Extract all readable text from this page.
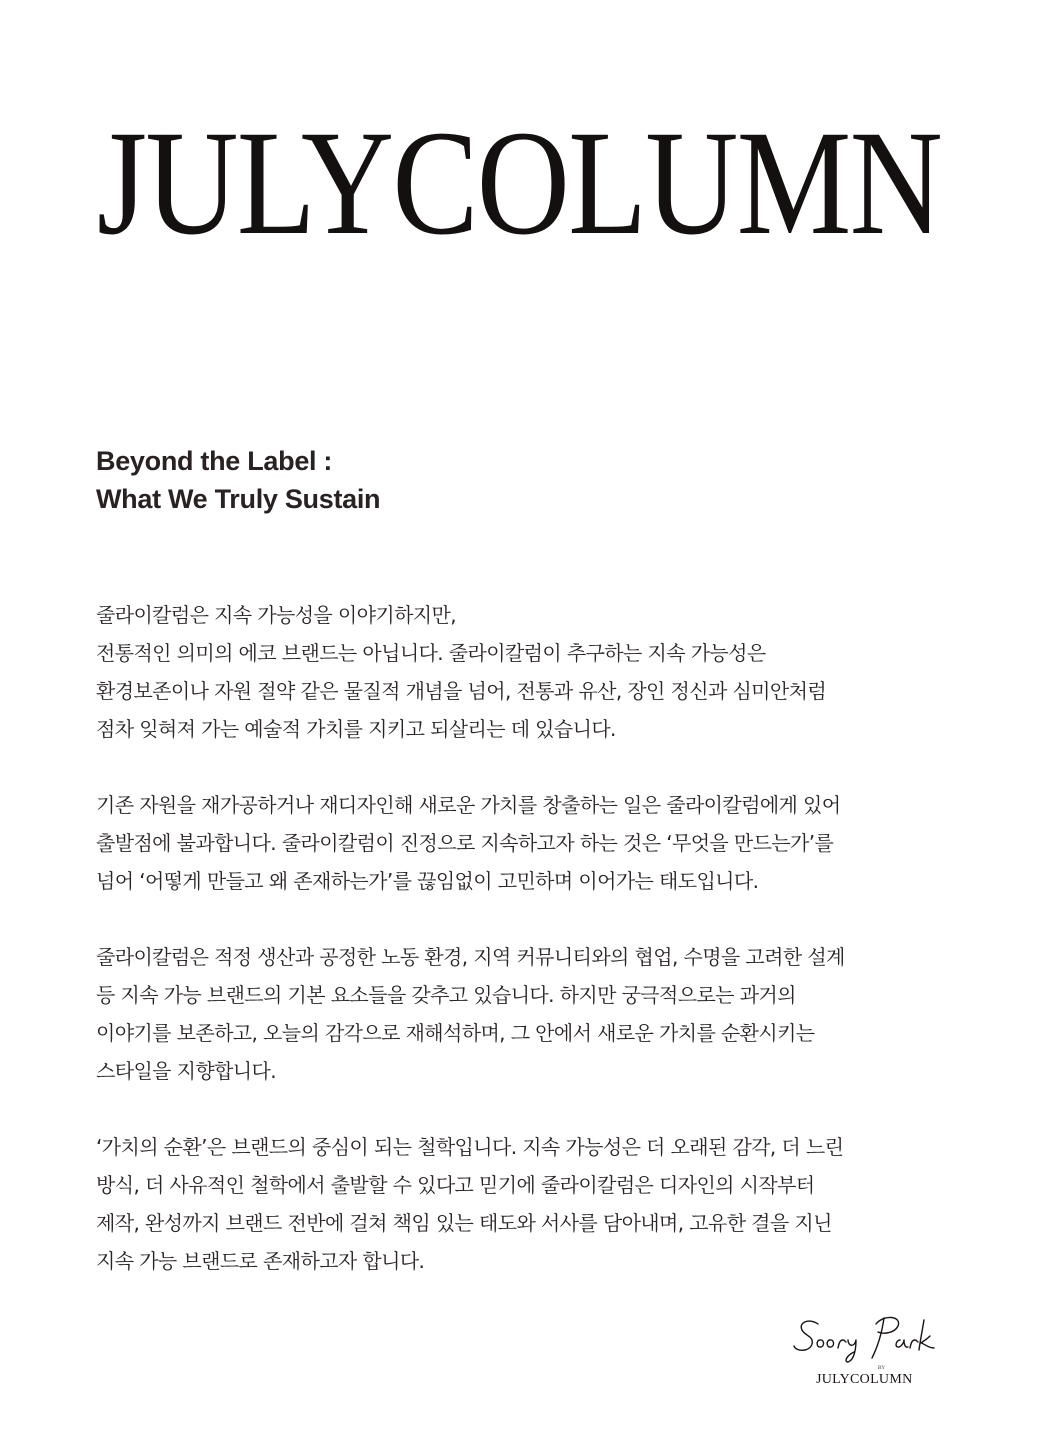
JULYCOLUMN
Beyond the Label :
What We Truly Sustain
줄라이칼럼은 지속 가능성을 이야기하지만,
전통적인 의미의 에코 브랜드는 아닙니다. 줄라이칼럼이 추구하는 지속 가능성은
환경보존이나 자원 절약 같은 물질적 개념을 넘어, 전통과 유산, 장인 정신과 심미안처럼
점차 잊혀져 가는 예술적 가치를 지키고 되살리는 데 있습니다.
기존 자원을 재가공하거나 재디자인해 새로운 가치를 창출하는 일은 줄라이칼럼에게 있어
출발점에 불과합니다. 줄라이칼럼이 진정으로 지속하고자 하는 것은 ‘무엇을 만드는가’를
넘어 ‘어떻게 만들고 왜 존재하는가’를 끊임없이 고민하며 이어가는 태도입니다.
줄라이칼럼은 적정 생산과 공정한 노동 환경, 지역 커뮤니티와의 협업, 수명을 고려한 설계
등 지속 가능 브랜드의 기본 요소들을 갖추고 있습니다. 하지만 궁극적으로는 과거의
이야기를 보존하고, 오늘의 감각으로 재해석하며, 그 안에서 새로운 가치를 순환시키는
스타일을 지향합니다.
‘가치의 순환’은 브랜드의 중심이 되는 철학입니다. 지속 가능성은 더 오래된 감각, 더 느린
방식, 더 사유적인 철학에서 출발할 수 있다고 믿기에 줄라이칼럼은 디자인의 시작부터
제작, 완성까지 브랜드 전반에 걸쳐 책임 있는 태도와 서사를 담아내며, 고유한 결을 지닌
지속 가능 브랜드로 존재하고자 합니다.
BY
JULYCOLUMN
